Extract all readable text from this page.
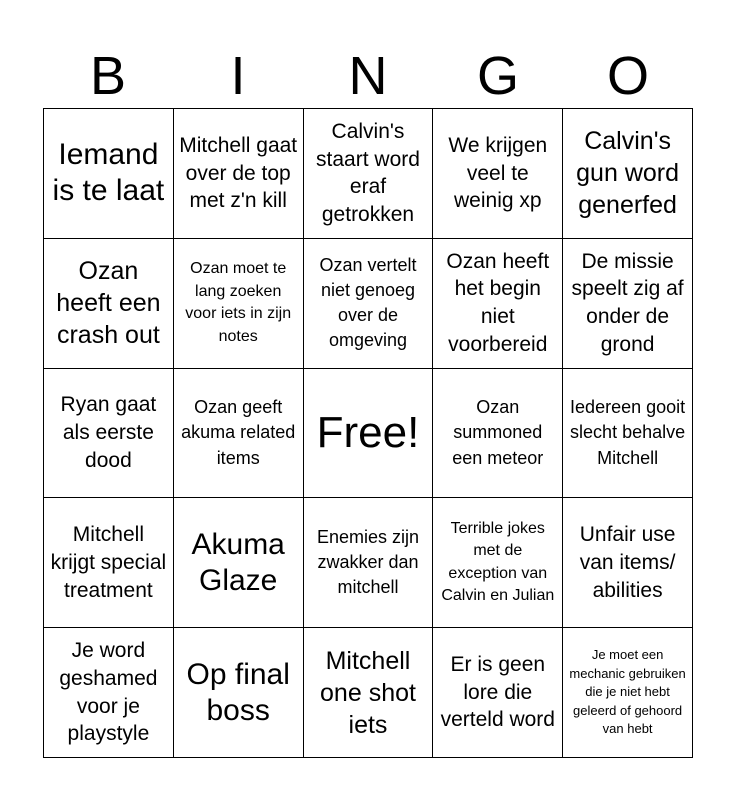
B	I	N	G	O
Iemand is te laat
Mitchell gaat over de top met z'n kill
Calvin's staart word eraf getrokken
We krijgen veel te weinig xp
Calvin's gun word generfed
Ozan heeft een crash out
Ozan moet te lang zoeken voor iets in zijn notes
Ozan vertelt niet genoeg over de omgeving
Ozan heeft het begin niet voorbereid
De missie speelt zig af onder de grond
Ryan gaat als eerste dood
Ozan geeft akuma related items
Free!
Ozan summoned een meteor
Iedereen gooit slecht behalve Mitchell
Mitchell krijgt special treatment
Akuma Glaze
Enemies zijn zwakker dan mitchell
Terrible jokes met de exception van Calvin en Julian
Unfair use van items/ abilities
Je word geshamed voor je playstyle
Op final boss
Mitchell one shot iets
Er is geen lore die verteld word
Je moet een mechanic gebruiken die je niet hebt geleerd of gehoord van hebt
